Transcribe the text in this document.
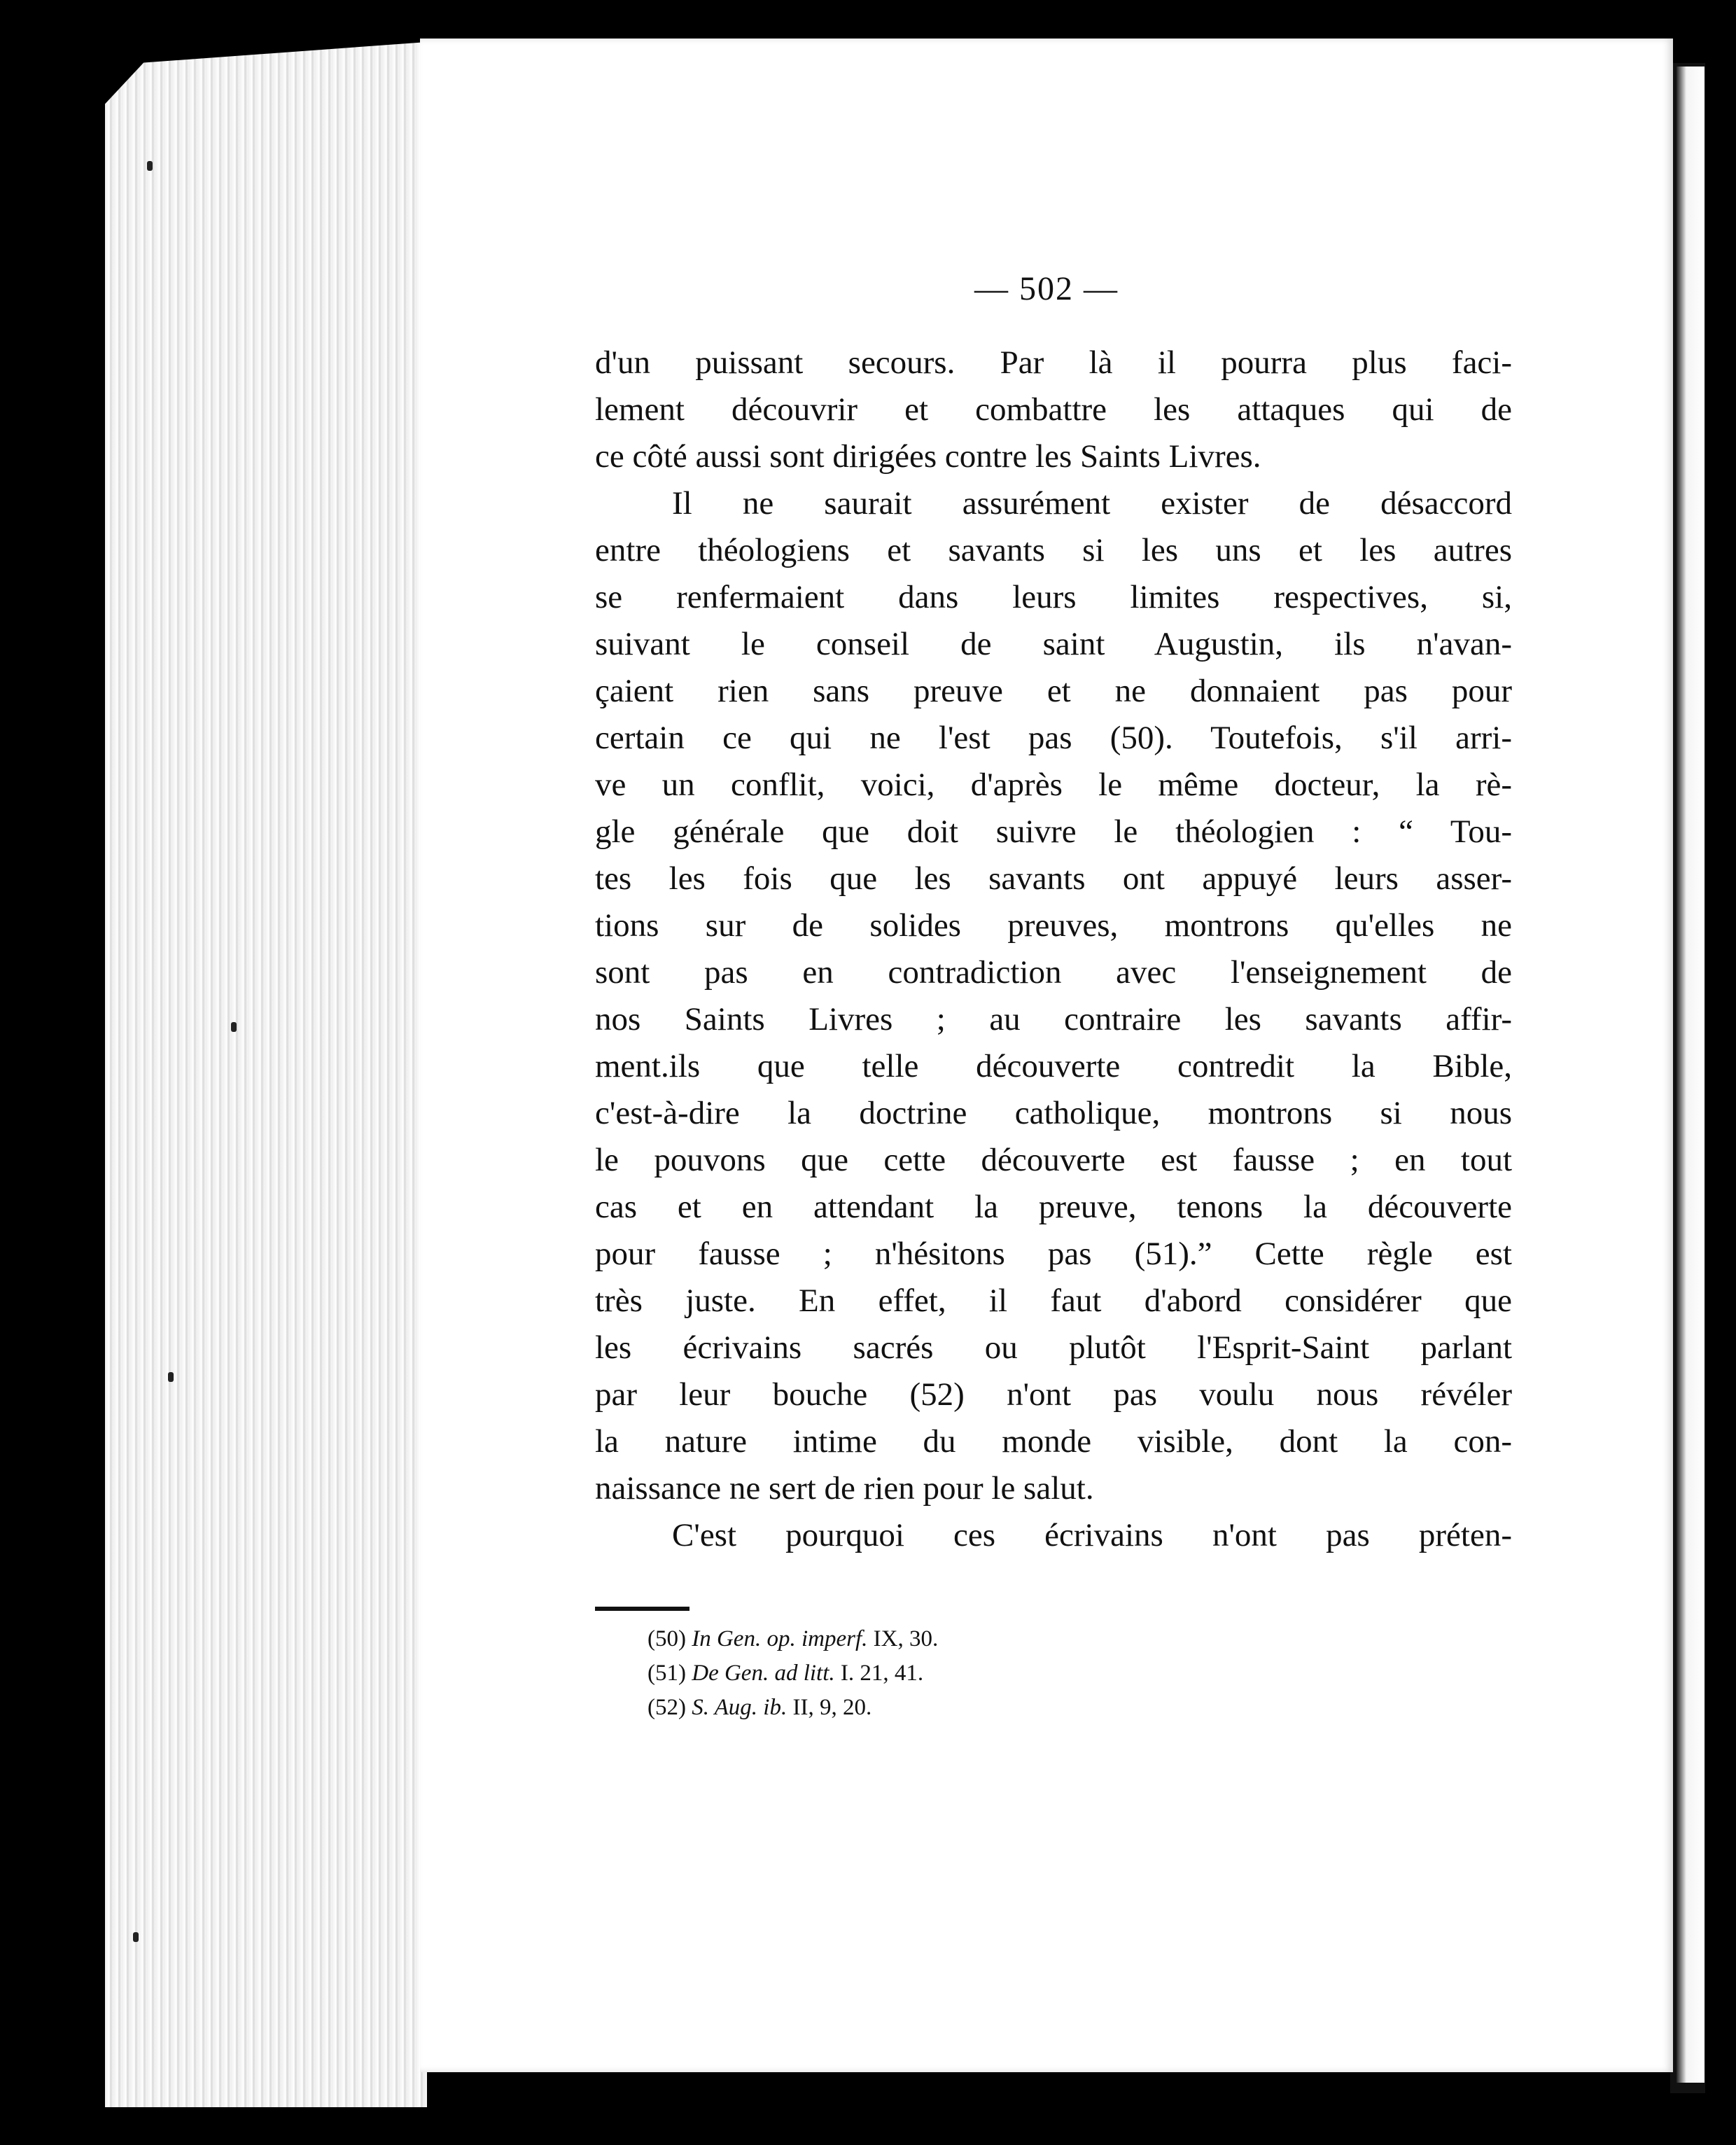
— 502 —
d'un puissant secours. Par là il pourra plus faci-
lement découvrir et combattre les attaques qui de
ce côté aussi sont dirigées contre les Saints Livres.
Il ne saurait assurément exister de désaccord
entre théologiens et savants si les uns et les autres
se renfermaient dans leurs limites respectives, si,
suivant le conseil de saint Augustin, ils n'avan-
çaient rien sans preuve et ne donnaient pas pour
certain ce qui ne l'est pas (50). Toutefois, s'il arri-
ve un conflit, voici, d'après le même docteur, la rè-
gle générale que doit suivre le théologien : “ Tou-
tes les fois que les savants ont appuyé leurs asser-
tions sur de solides preuves, montrons qu'elles ne
sont pas en contradiction avec l'enseignement de
nos Saints Livres ; au contraire les savants affir-
ment.ils que telle découverte contredit la Bible,
c'est-à-dire la doctrine catholique, montrons si nous
le pouvons que cette découverte est fausse ; en tout
cas et en attendant la preuve, tenons la découverte
pour fausse ; n'hésitons pas (51).” Cette règle est
très juste. En effet, il faut d'abord considérer que
les écrivains sacrés ou plutôt l'Esprit-Saint parlant
par leur bouche (52) n'ont pas voulu nous révéler
la nature intime du monde visible, dont la con-
naissance ne sert de rien pour le salut.
C'est pourquoi ces écrivains n'ont pas préten-
(50) In Gen. op. imperf. IX, 30.
(51) De Gen. ad litt. I. 21, 41.
(52) S. Aug. ib. II, 9, 20.
